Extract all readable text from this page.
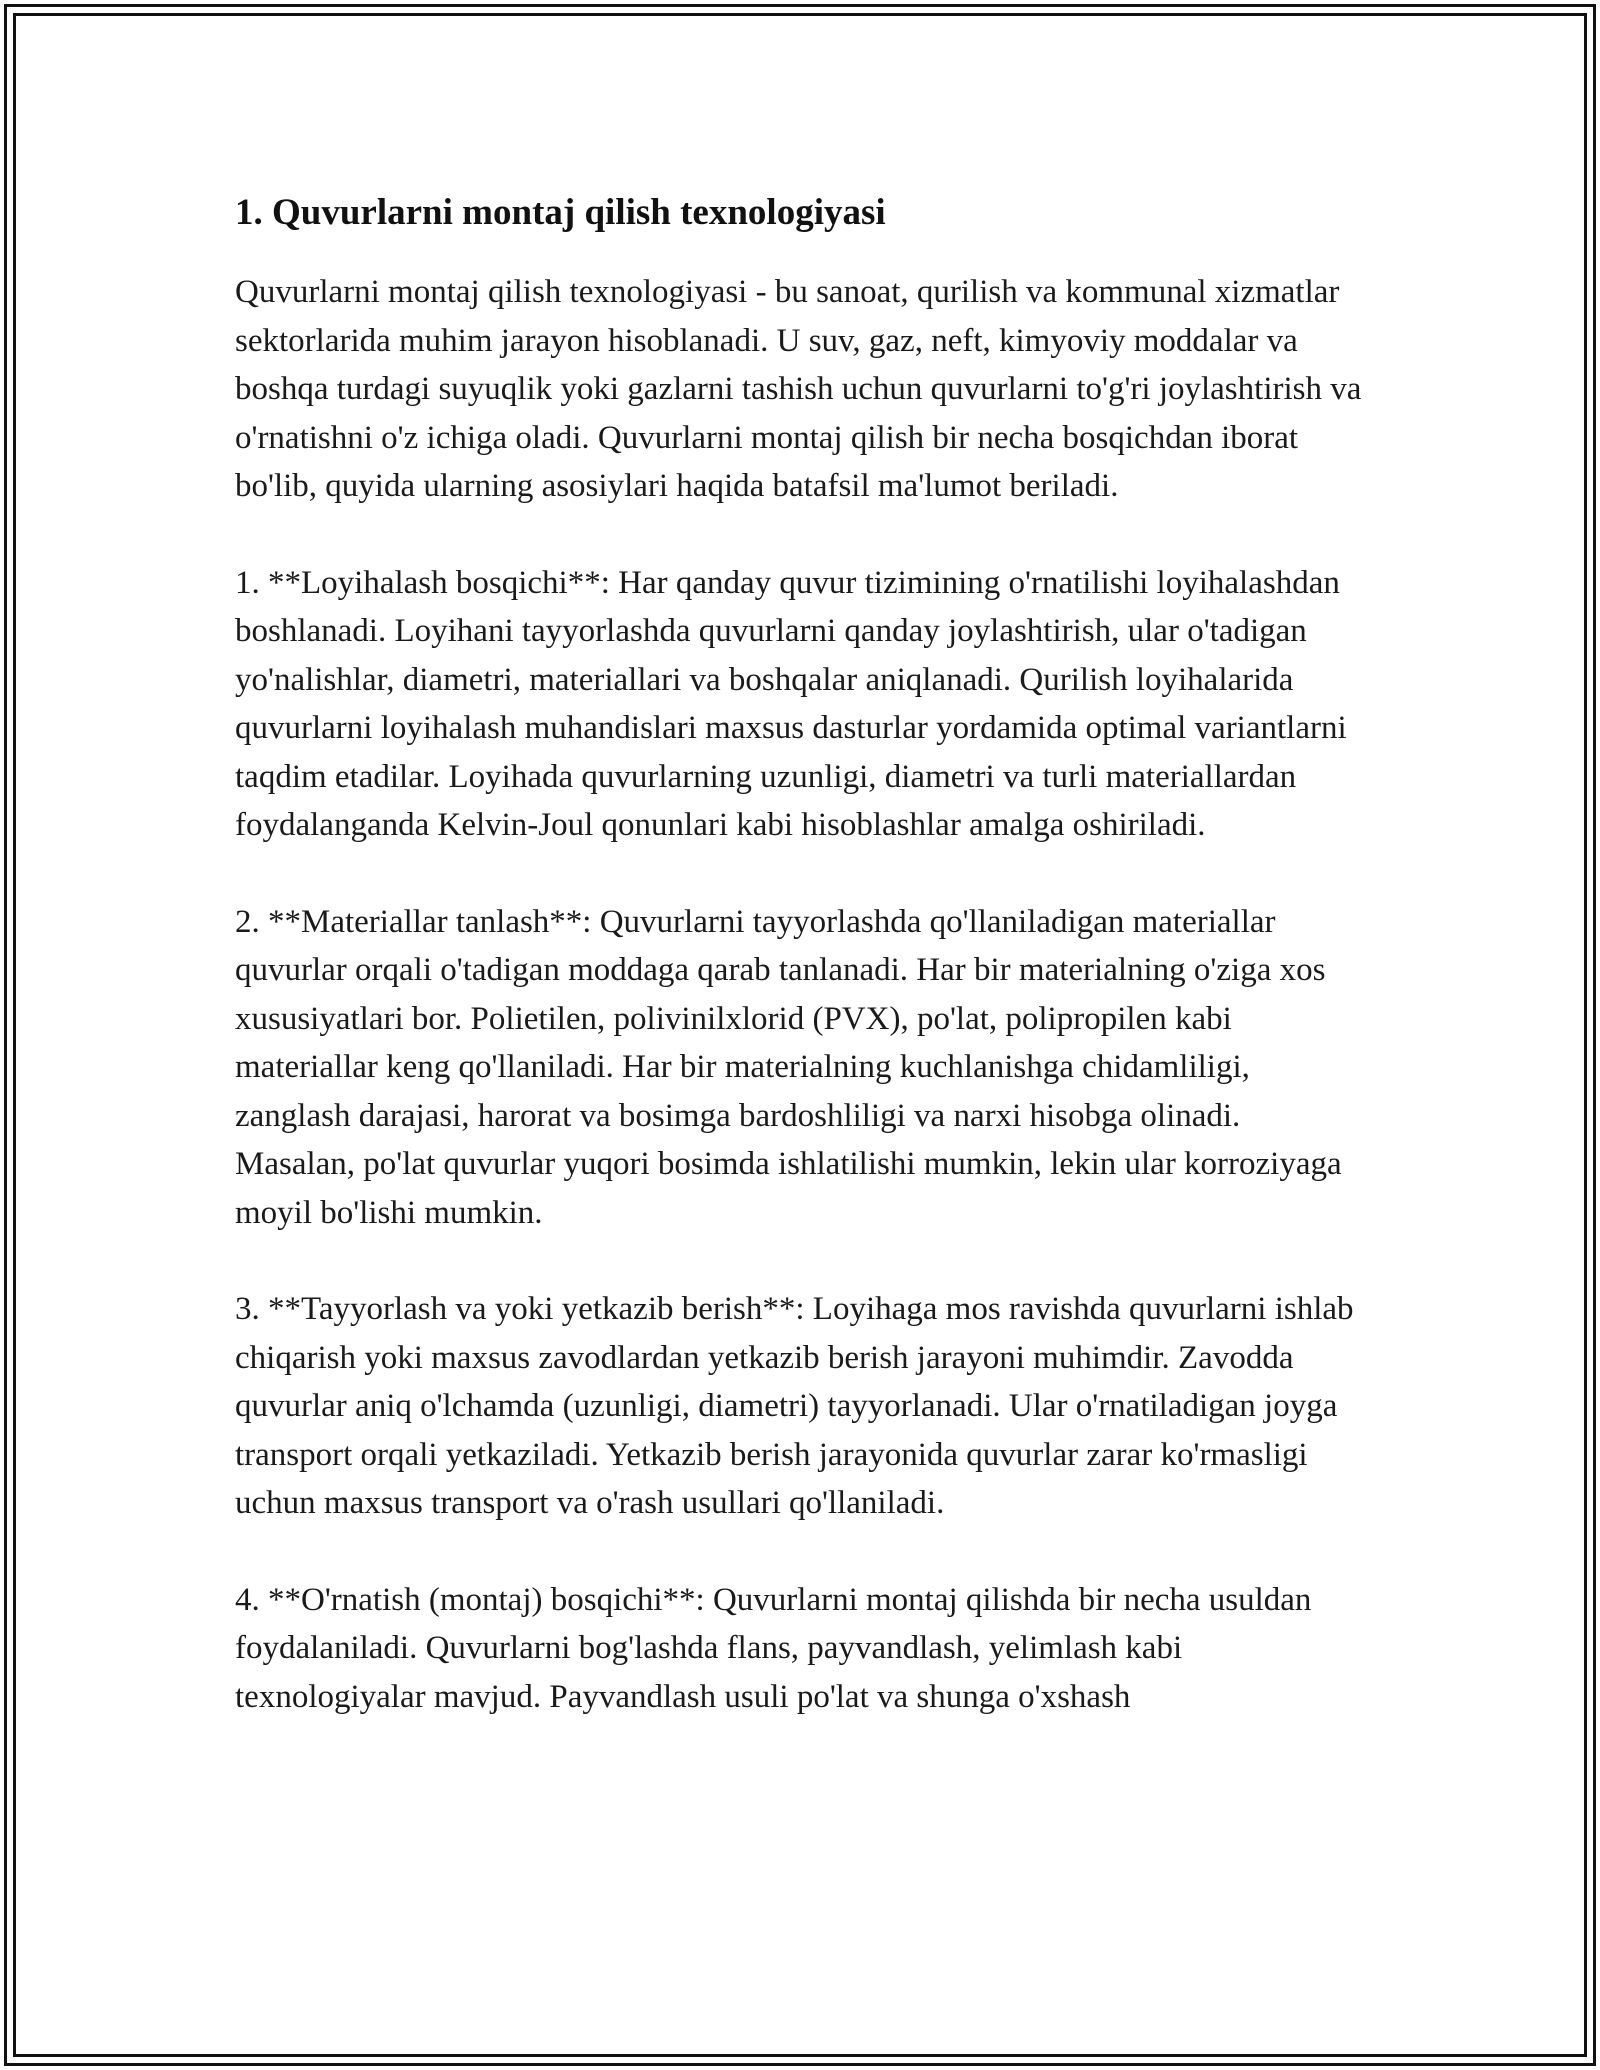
1. Quvurlarni montaj qilish texnologiyasi

Quvurlarni montaj qilish texnologiyasi - bu sanoat, qurilish va kommunal xizmatlar sektorlarida muhim jarayon hisoblanadi. U suv, gaz, neft, kimyoviy moddalar va boshqa turdagi suyuqlik yoki gazlarni tashish uchun quvurlarni to'g'ri joylashtirish va o'rnatishni o'z ichiga oladi. Quvurlarni montaj qilish bir necha bosqichdan iborat bo'lib, quyida ularning asosiylari haqida batafsil ma'lumot beriladi.

1. **Loyihalash bosqichi**: Har qanday quvur tizimining o'rnatilishi loyihalashdan boshlanadi. Loyihani tayyorlashda quvurlarni qanday joylashtirish, ular o'tadigan yo'nalishlar, diametri, materiallari va boshqalar aniqlanadi. Qurilish loyihalarida quvurlarni loyihalash muhandislari maxsus dasturlar yordamida optimal variantlarni taqdim etadilar. Loyihada quvurlarning uzunligi, diametri va turli materiallardan foydalanganda Kelvin-Joul qonunlari kabi hisoblashlar amalga oshiriladi.

2. **Materiallar tanlash**: Quvurlarni tayyorlashda qo'llaniladigan materiallar quvurlar orqali o'tadigan moddaga qarab tanlanadi. Har bir materialning o'ziga xos xususiyatlari bor. Polietilen, polivinilxlorid (PVX), po'lat, polipropilen kabi materiallar keng qo'llaniladi. Har bir materialning kuchlanishga chidamliligi, zanglash darajasi, harorat va bosimga bardoshliligi va narxi hisobga olinadi. Masalan, po'lat quvurlar yuqori bosimda ishlatilishi mumkin, lekin ular korroziyaga moyil bo'lishi mumkin.

3. **Tayyorlash va yoki yetkazib berish**: Loyihaga mos ravishda quvurlarni ishlab chiqarish yoki maxsus zavodlardan yetkazib berish jarayoni muhimdir. Zavodda quvurlar aniq o'lchamda (uzunligi, diametri) tayyorlanadi. Ular o'rnatiladigan joyga transport orqali yetkaziladi. Yetkazib berish jarayonida quvurlar zarar ko'rmasligi uchun maxsus transport va o'rash usullari qo'llaniladi.

4. **O'rnatish (montaj) bosqichi**: Quvurlarni montaj qilishda bir necha usuldan foydalaniladi. Quvurlarni bog'lashda flans, payvandlash, yelimlash kabi texnologiyalar mavjud. Payvandlash usuli po'lat va shunga o'xshash
